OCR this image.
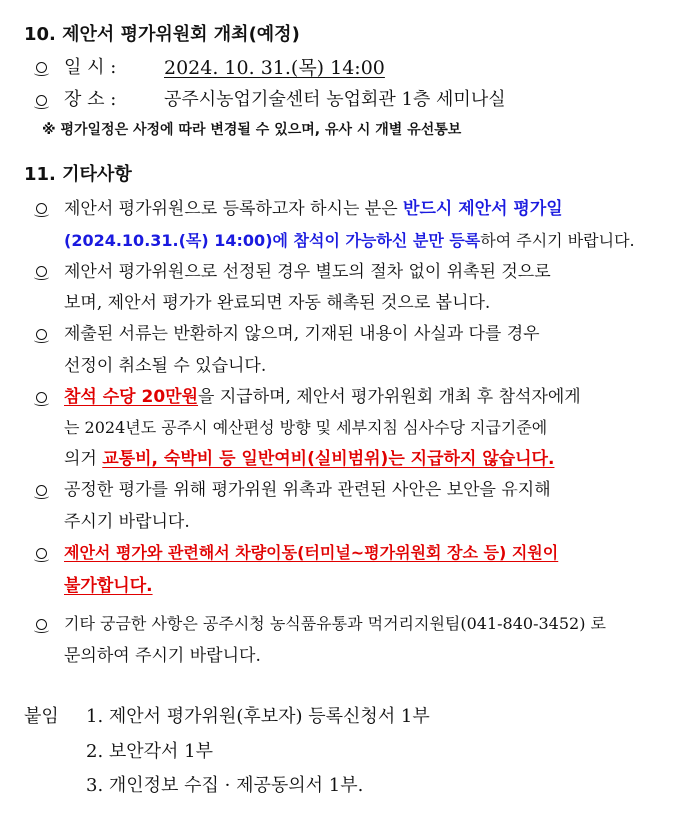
10. 제안서 평가위원회 개최(예정)
일 시 :	2024. 10. 31.(목) 14:00
장 소 :	공주시농업기술센터 농업회관 1층 세미나실
※ 평가일정은 사정에 따라 변경될 수 있으며, 유사 시 개별 유선통보
11. 기타사항
제안서 평가위원으로 등록하고자 하시는 분은 반드시 제안서 평가일
(2024.10.31.(목) 14:00)에 참석이 가능하신 분만 등록하여 주시기 바랍니다.
제안서 평가위원으로 선정된 경우 별도의 절차 없이 위촉된 것으로
보며, 제안서 평가가 완료되면 자동 해촉된 것으로 봅니다.
제출된 서류는 반환하지 않으며, 기재된 내용이 사실과 다를 경우
선정이 취소될 수 있습니다.
참석 수당 20만원을 지급하며, 제안서 평가위원회 개최 후 참석자에게
는 2024년도 공주시 예산편성 방향 및 세부지침 심사수당 지급기준에
의거 교통비, 숙박비 등 일반여비(실비범위)는 지급하지 않습니다.
공정한 평가를 위해 평가위원 위촉과 관련된 사안은 보안을 유지해
주시기 바랍니다.
제안서 평가와 관련해서 차량이동(터미널~평가위원회 장소 등) 지원이
불가합니다.
기타 궁금한 사항은 공주시청 농식품유통과 먹거리지원팀(041-840-3452) 로
문의하여 주시기 바랍니다.
붙임 1. 제안서 평가위원(후보자) 등록신청서 1부
2. 보안각서 1부
3. 개인정보 수집 · 제공동의서 1부.
